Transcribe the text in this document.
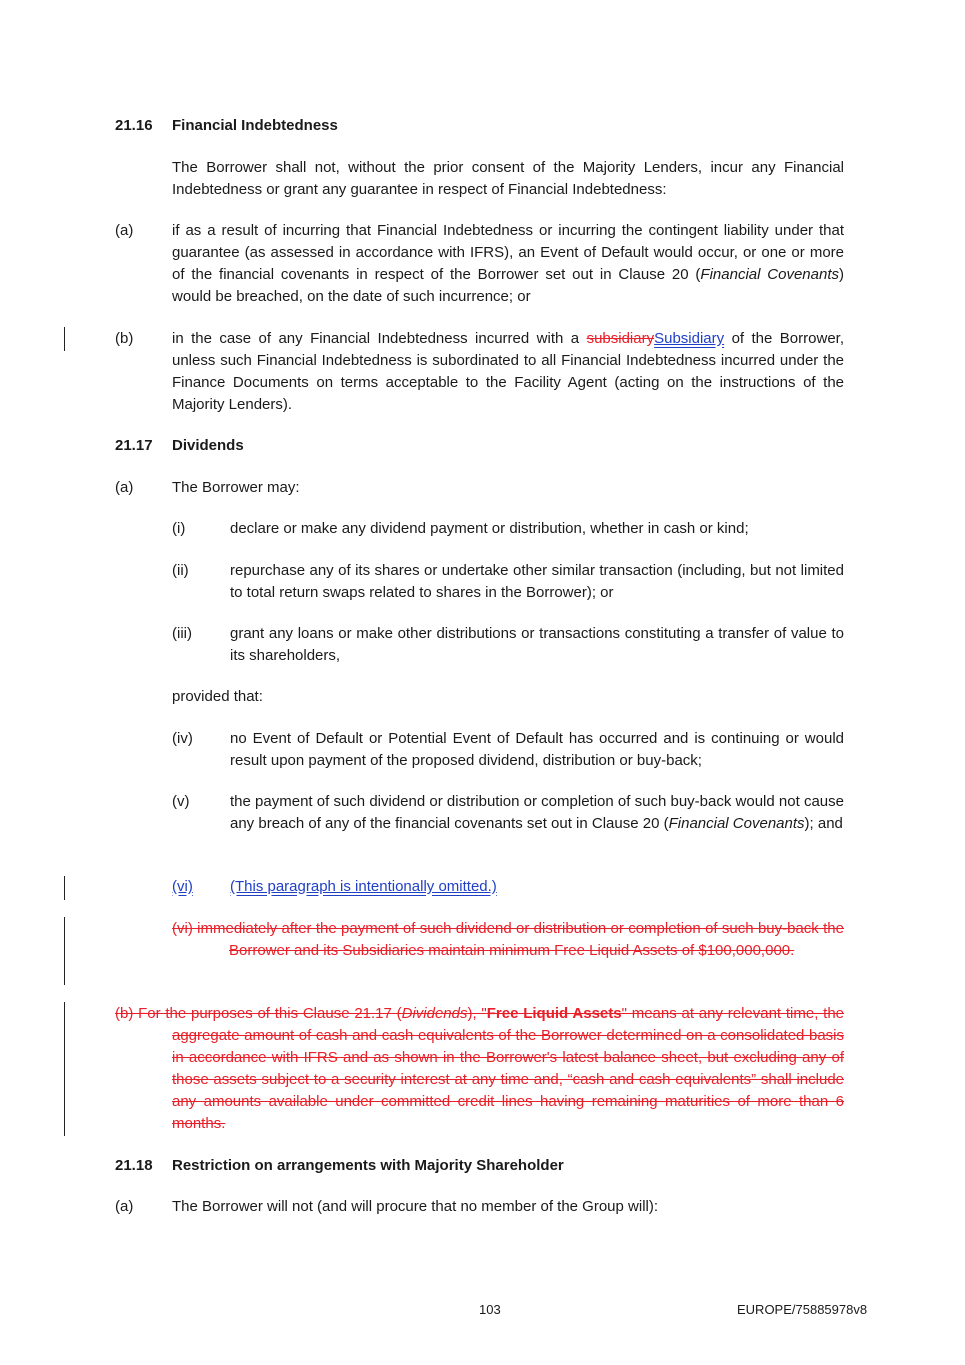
21.16 Financial Indebtedness
The Borrower shall not, without the prior consent of the Majority Lenders, incur any Financial Indebtedness or grant any guarantee in respect of Financial Indebtedness:
(a)	if as a result of incurring that Financial Indebtedness or incurring the contingent liability under that guarantee (as assessed in accordance with IFRS), an Event of Default would occur, or one or more of the financial covenants in respect of the Borrower set out in Clause 20 (Financial Covenants) would be breached, on the date of such incurrence; or
(b)	in the case of any Financial Indebtedness incurred with a subsidiarySubsidiary of the Borrower, unless such Financial Indebtedness is subordinated to all Financial Indebtedness incurred under the Finance Documents on terms acceptable to the Facility Agent (acting on the instructions of the Majority Lenders).
21.17 Dividends
(a)	The Borrower may:
(i)	declare or make any dividend payment or distribution, whether in cash or kind;
(ii)	repurchase any of its shares or undertake other similar transaction (including, but not limited to total return swaps related to shares in the Borrower); or
(iii)	grant any loans or make other distributions or transactions constituting a transfer of value to its shareholders,
provided that:
(iv) no Event of Default or Potential Event of Default has occurred and is continuing or would result upon payment of the proposed dividend, distribution or buy-back;
(v)	the payment of such dividend or distribution or completion of such buy-back would not cause any breach of any of the financial covenants set out in Clause 20 (Financial Covenants); and
(vi) (This paragraph is intentionally omitted.)
(vi) immediately after the payment of such dividend or distribution or completion of such buy-back the Borrower and its Subsidiaries maintain minimum Free Liquid Assets of $100,000,000.
(b) For the purposes of this Clause 21.17 (Dividends), "Free Liquid Assets" means at any relevant time, the aggregate amount of cash and cash equivalents of the Borrower determined on a consolidated basis in accordance with IFRS and as shown in the Borrower's latest balance sheet, but excluding any of those assets subject to a security interest at any time and, “cash and cash equivalents” shall include any amounts available under committed credit lines having remaining maturities of more than 6 months.
21.18 Restriction on arrangements with Majority Shareholder
(a)	The Borrower will not (and will procure that no member of the Group will):
103	EUROPE/75885978v8
